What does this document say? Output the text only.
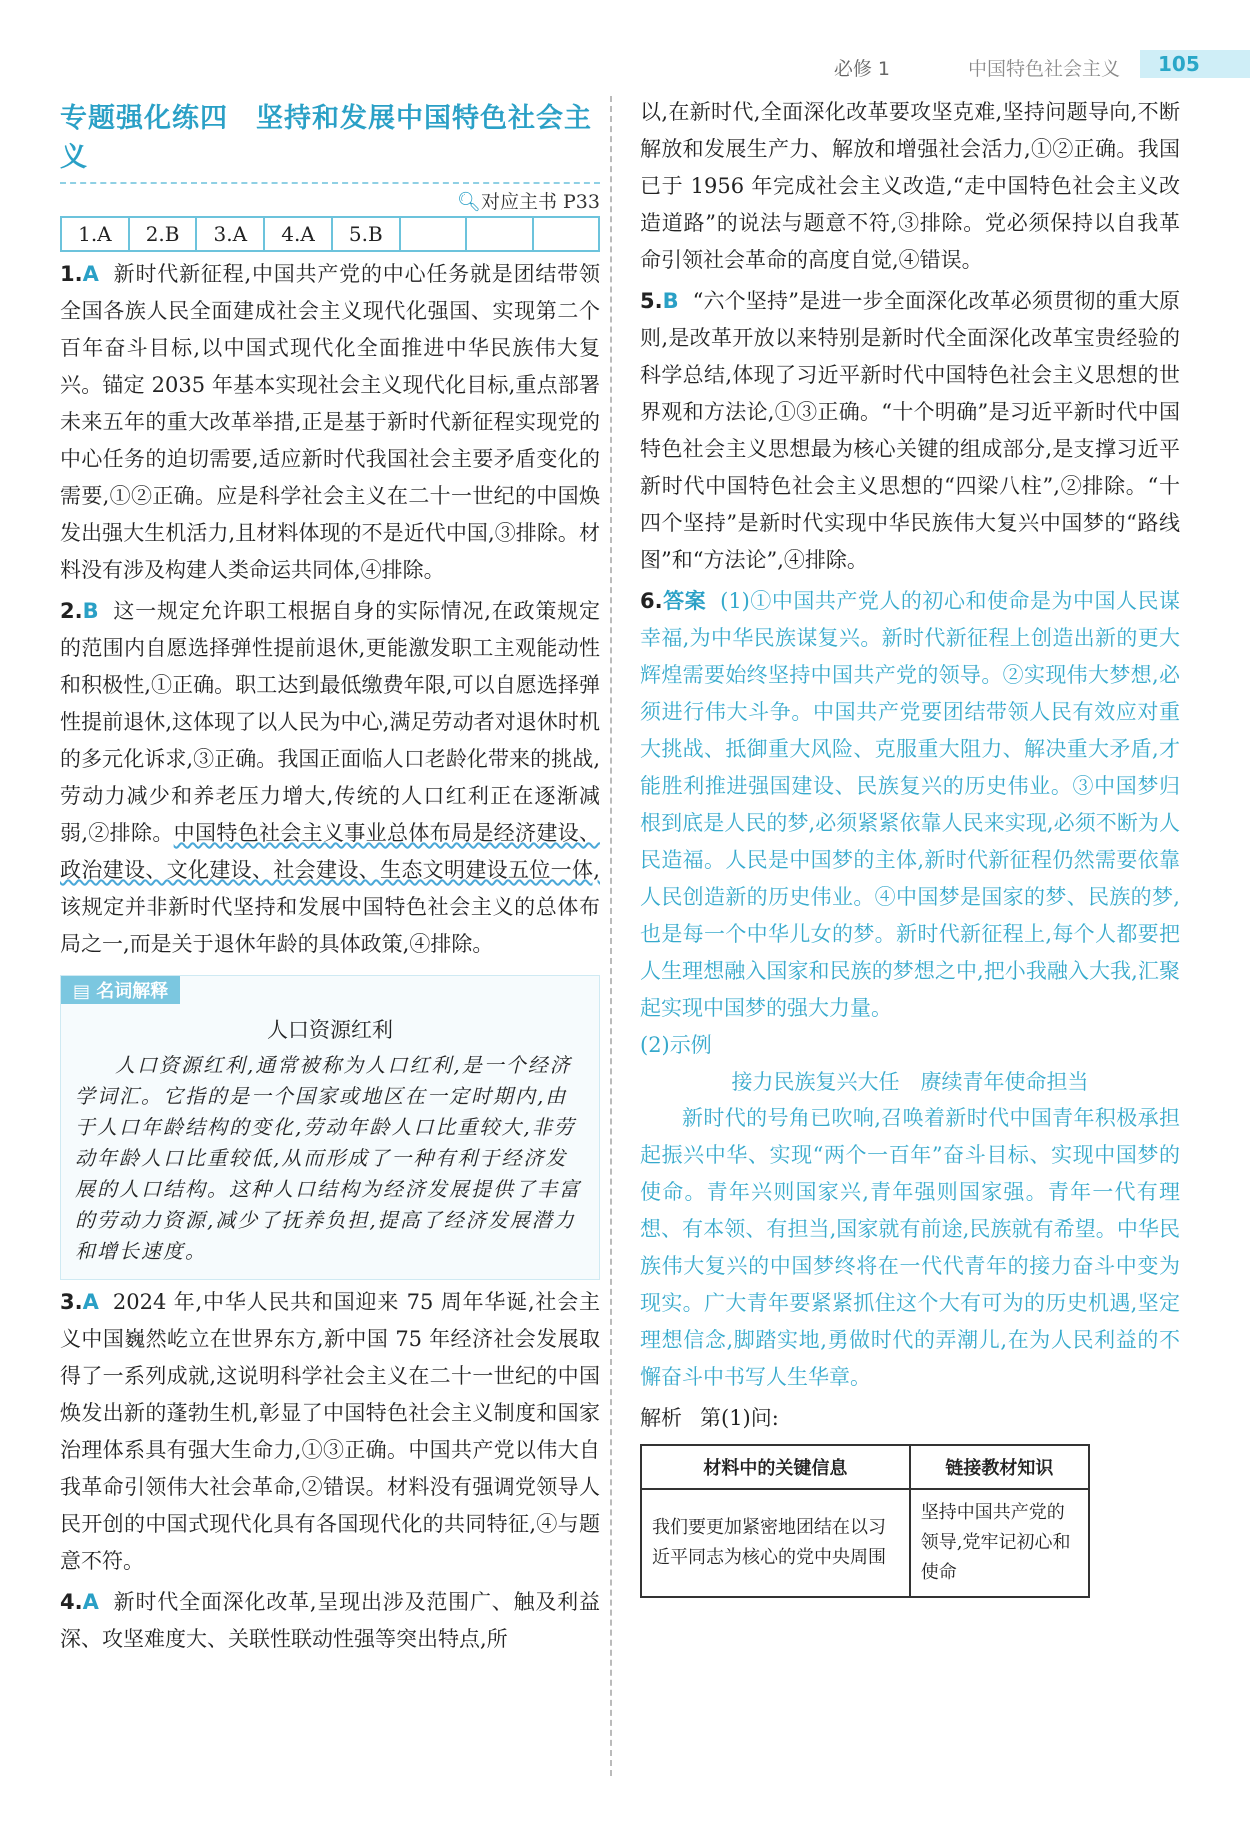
必修 1	中国特色社会主义	105
专题强化练四　坚持和发展中国特色社会主义
🔍︎对应主书 P33
1.A	2.B	3.A	4.A	5.B			

1.A 新时代新征程,中国共产党的中心任务就是团结带领全国各族人民全面建成社会主义现代化强国、实现第二个百年奋斗目标,以中国式现代化全面推进中华民族伟大复兴。锚定 2035 年基本实现社会主义现代化目标,重点部署未来五年的重大改革举措,正是基于新时代新征程实现党的中心任务的迫切需要,适应新时代我国社会主要矛盾变化的需要,①②正确。应是科学社会主义在二十一世纪的中国焕发出强大生机活力,且材料体现的不是近代中国,③排除。材料没有涉及构建人类命运共同体,④排除。

2.B 这一规定允许职工根据自身的实际情况,在政策规定的范围内自愿选择弹性提前退休,更能激发职工主观能动性和积极性,①正确。职工达到最低缴费年限,可以自愿选择弹性提前退休,这体现了以人民为中心,满足劳动者对退休时机的多元化诉求,③正确。我国正面临人口老龄化带来的挑战,劳动力减少和养老压力增大,传统的人口红利正在逐渐减弱,②排除。中国特色社会主义事业总体布局是经济建设、政治建设、文化建设、社会建设、生态文明建设五位一体,该规定并非新时代坚持和发展中国特色社会主义的总体布局之一,而是关于退休年龄的具体政策,④排除。

▤ 名词解释
人口资源红利
人口资源红利,通常被称为人口红利,是一个经济学词汇。它指的是一个国家或地区在一定时期内,由于人口年龄结构的变化,劳动年龄人口比重较大,非劳动年龄人口比重较低,从而形成了一种有利于经济发展的人口结构。这种人口结构为经济发展提供了丰富的劳动力资源,减少了抚养负担,提高了经济发展潜力和增长速度。

3.A 2024 年,中华人民共和国迎来 75 周年华诞,社会主义中国巍然屹立在世界东方,新中国 75 年经济社会发展取得了一系列成就,这说明科学社会主义在二十一世纪的中国焕发出新的蓬勃生机,彰显了中国特色社会主义制度和国家治理体系具有强大生命力,①③正确。中国共产党以伟大自我革命引领伟大社会革命,②错误。材料没有强调党领导人民开创的中国式现代化具有各国现代化的共同特征,④与题意不符。

4.A 新时代全面深化改革,呈现出涉及范围广、触及利益深、攻坚难度大、关联性联动性强等突出特点,所

以,在新时代,全面深化改革要攻坚克难,坚持问题导向,不断解放和发展生产力、解放和增强社会活力,①②正确。我国已于 1956 年完成社会主义改造,“走中国特色社会主义改造道路”的说法与题意不符,③排除。党必须保持以自我革命引领社会革命的高度自觉,④错误。

5.B “六个坚持”是进一步全面深化改革必须贯彻的重大原则,是改革开放以来特别是新时代全面深化改革宝贵经验的科学总结,体现了习近平新时代中国特色社会主义思想的世界观和方法论,①③正确。“十个明确”是习近平新时代中国特色社会主义思想最为核心关键的组成部分,是支撑习近平新时代中国特色社会主义思想的“四梁八柱”,②排除。“十四个坚持”是新时代实现中华民族伟大复兴中国梦的“路线图”和“方法论”,④排除。

6.答案 (1)①中国共产党人的初心和使命是为中国人民谋幸福,为中华民族谋复兴。新时代新征程上创造出新的更大辉煌需要始终坚持中国共产党的领导。②实现伟大梦想,必须进行伟大斗争。中国共产党要团结带领人民有效应对重大挑战、抵御重大风险、克服重大阻力、解决重大矛盾,才能胜利推进强国建设、民族复兴的历史伟业。③中国梦归根到底是人民的梦,必须紧紧依靠人民来实现,必须不断为人民造福。人民是中国梦的主体,新时代新征程仍然需要依靠人民创造新的历史伟业。④中国梦是国家的梦、民族的梦,也是每一个中华儿女的梦。新时代新征程上,每个人都要把人生理想融入国家和民族的梦想之中,把小我融入大我,汇聚起实现中国梦的强大力量。

(2)示例

接力民族复兴大任　赓续青年使命担当

新时代的号角已吹响,召唤着新时代中国青年积极承担起振兴中华、实现“两个一百年”奋斗目标、实现中国梦的使命。青年兴则国家兴,青年强则国家强。青年一代有理想、有本领、有担当,国家就有前途,民族就有希望。中华民族伟大复兴的中国梦终将在一代代青年的接力奋斗中变为现实。广大青年要紧紧抓住这个大有可为的历史机遇,坚定理想信念,脚踏实地,勇做时代的弄潮儿,在为人民利益的不懈奋斗中书写人生华章。

解析 第(1)问:
材料中的关键信息	链接教材知识
我们要更加紧密地团结在以习近平同志为核心的党中央周围	坚持中国共产党的领导,党牢记初心和使命
